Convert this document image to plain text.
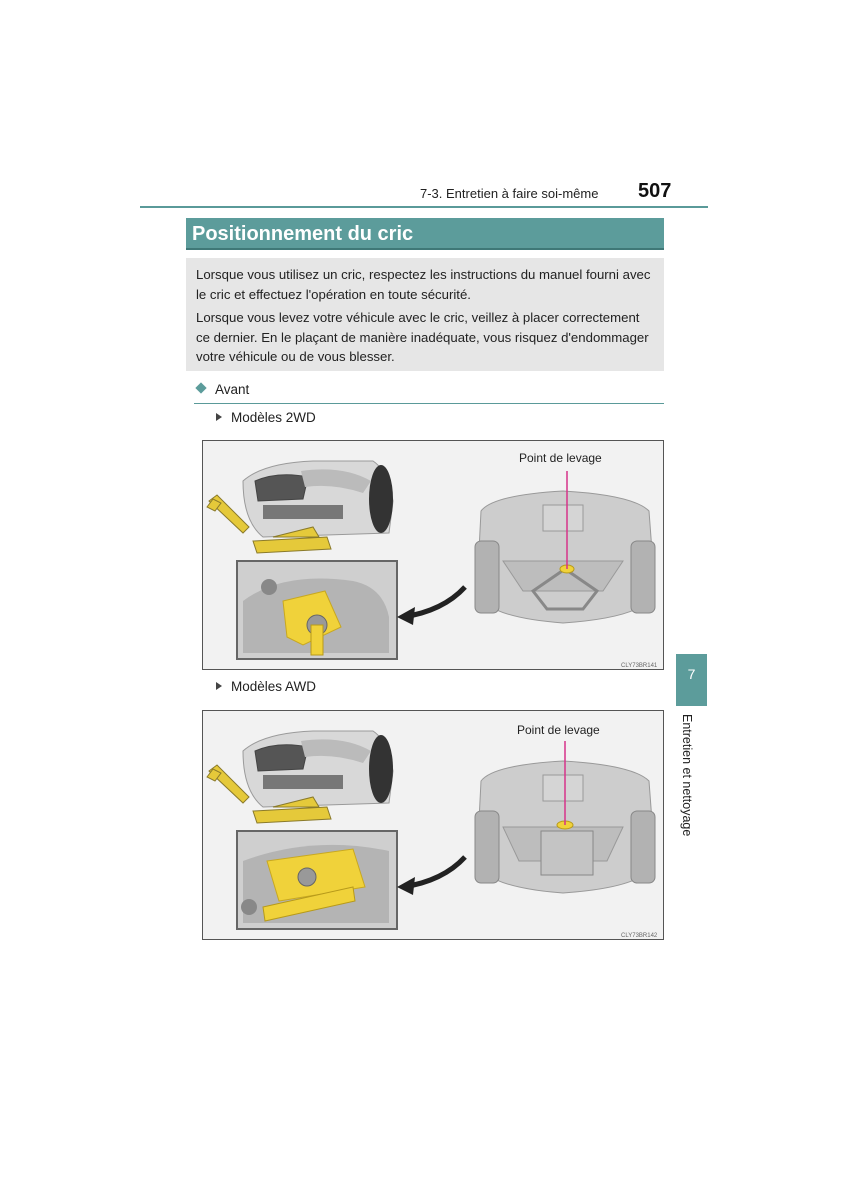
7-3. Entretien à faire soi-même 507
Positionnement du cric

Lorsque vous utilisez un cric, respectez les instructions du manuel fourni avec le cric et effectuez l'opération en toute sécurité.

Lorsque vous levez votre véhicule avec le cric, veillez à placer correctement ce dernier. En le plaçant de manière inadéquate, vous risquez d'endommager votre véhicule ou de vous blesser.

Avant
Modèles 2WD
CLY73BR141
Point de levage
Modèles AWD
CLY73BR142
Point de levage
7
Entretien et nettoyage
